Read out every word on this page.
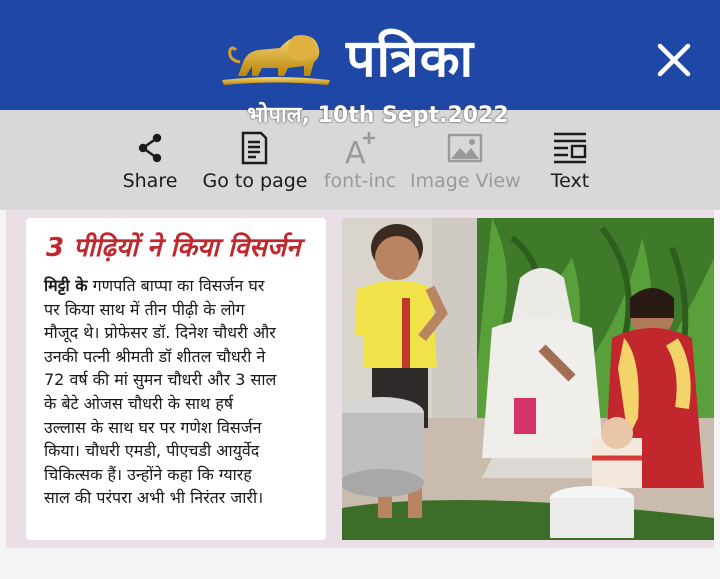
पत्रिका
भोपाल, 10th Sept.2022
Share	Go to page
A
font-inc Image View	Text
3 पीढ़ियों ने किया विसर्जन
मिट्टी के गणपति बाप्पा का विसर्जन घर
पर किया साथ में तीन पीढ़ी के लोग
मौजूद थे। प्रोफेसर डॉ. दिनेश चौधरी और
उनकी पत्नी श्रीमती डॉ शीतल चौधरी ने
72 वर्ष की मां सुमन चौधरी और 3 साल
के बेटे ओजस चौधरी के साथ हर्ष
उल्लास के साथ घर पर गणेश विसर्जन
किया। चौधरी एमडी, पीएचडी आयुर्वेद
चिकित्सक हैं। उन्होंने कहा कि ग्यारह
साल की परंपरा अभी भी निरंतर जारी।
